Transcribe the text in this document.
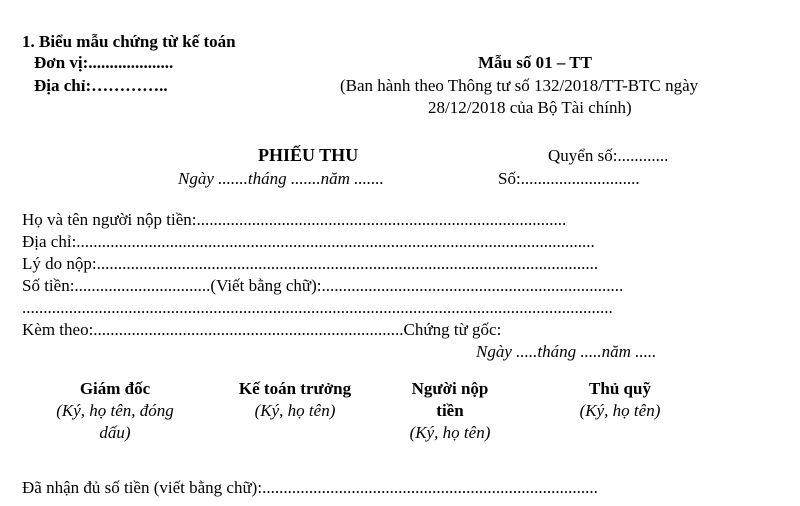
1. Biểu mẫu chứng từ kế toán
Đơn vị:....................
Địa chỉ:…………..
Mẫu số 01 – TT
(Ban hành theo Thông tư số 132/2018/TT-BTC ngày
28/12/2018 của Bộ Tài chính)
PHIẾU THU
Ngày .......tháng .......năm .......
Quyển số:............
Số:............................
Họ và tên người nộp tiền:.......................................................................................
Địa chỉ:..........................................................................................................................
Lý do nộp:......................................................................................................................
Số tiền:................................(Viết bằng chữ):.......................................................................
...........................................................................................................................................
Kèm theo:.........................................................................Chứng từ gốc:
Ngày .....tháng .....năm .....
Giám đốc
(Ký, họ tên, đóng
dấu)
Kế toán trưởng
(Ký, họ tên)
Người nộp
tiền
(Ký, họ tên)
Thủ quỹ
(Ký, họ tên)
Đã nhận đủ số tiền (viết bằng chữ):...............................................................................
